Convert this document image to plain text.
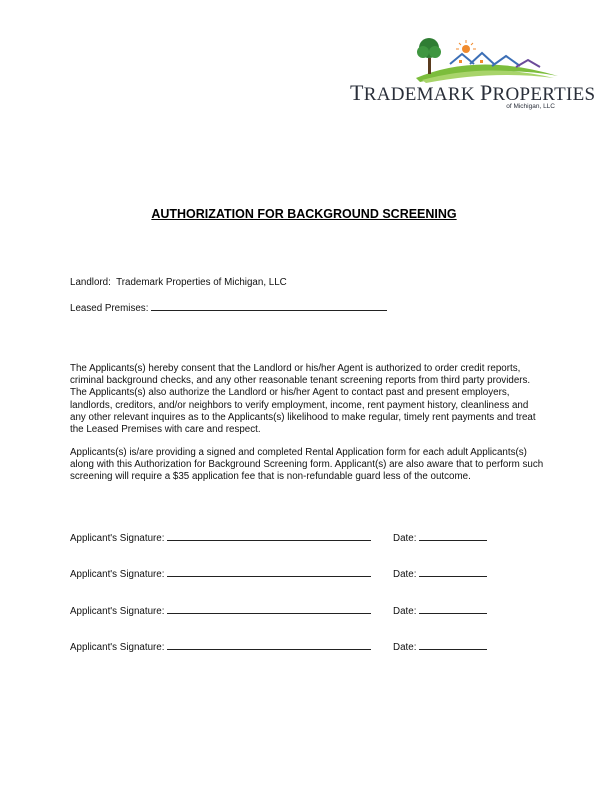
TRADEMARK PROPERTIES
of Michigan, LLC
AUTHORIZATION FOR BACKGROUND SCREENING
Landlord: Trademark Properties of Michigan, LLC
Leased Premises:

The Applicants(s) hereby consent that the Landlord or his/her Agent is authorized to order credit reports, criminal background checks, and any other reasonable tenant screening reports from third party providers. The Applicants(s) also authorize the Landlord or his/her Agent to contact past and present employers, landlords, creditors, and/or neighbors to verify employment, income, rent payment history, cleanliness and any other relevant inquires as to the Applicants(s) likelihood to make regular, timely rent payments and treat the Leased Premises with care and respect.

Applicants(s) is/are providing a signed and completed Rental Application form for each adult Applicants(s) along with this Authorization for Background Screening form. Applicant(s) are also aware that to perform such screening will require a $35 application fee that is non-refundable guard less of the outcome.

Applicant's Signature:	Date:
Applicant's Signature:	Date:
Applicant's Signature:	Date:
Applicant's Signature:	Date:
